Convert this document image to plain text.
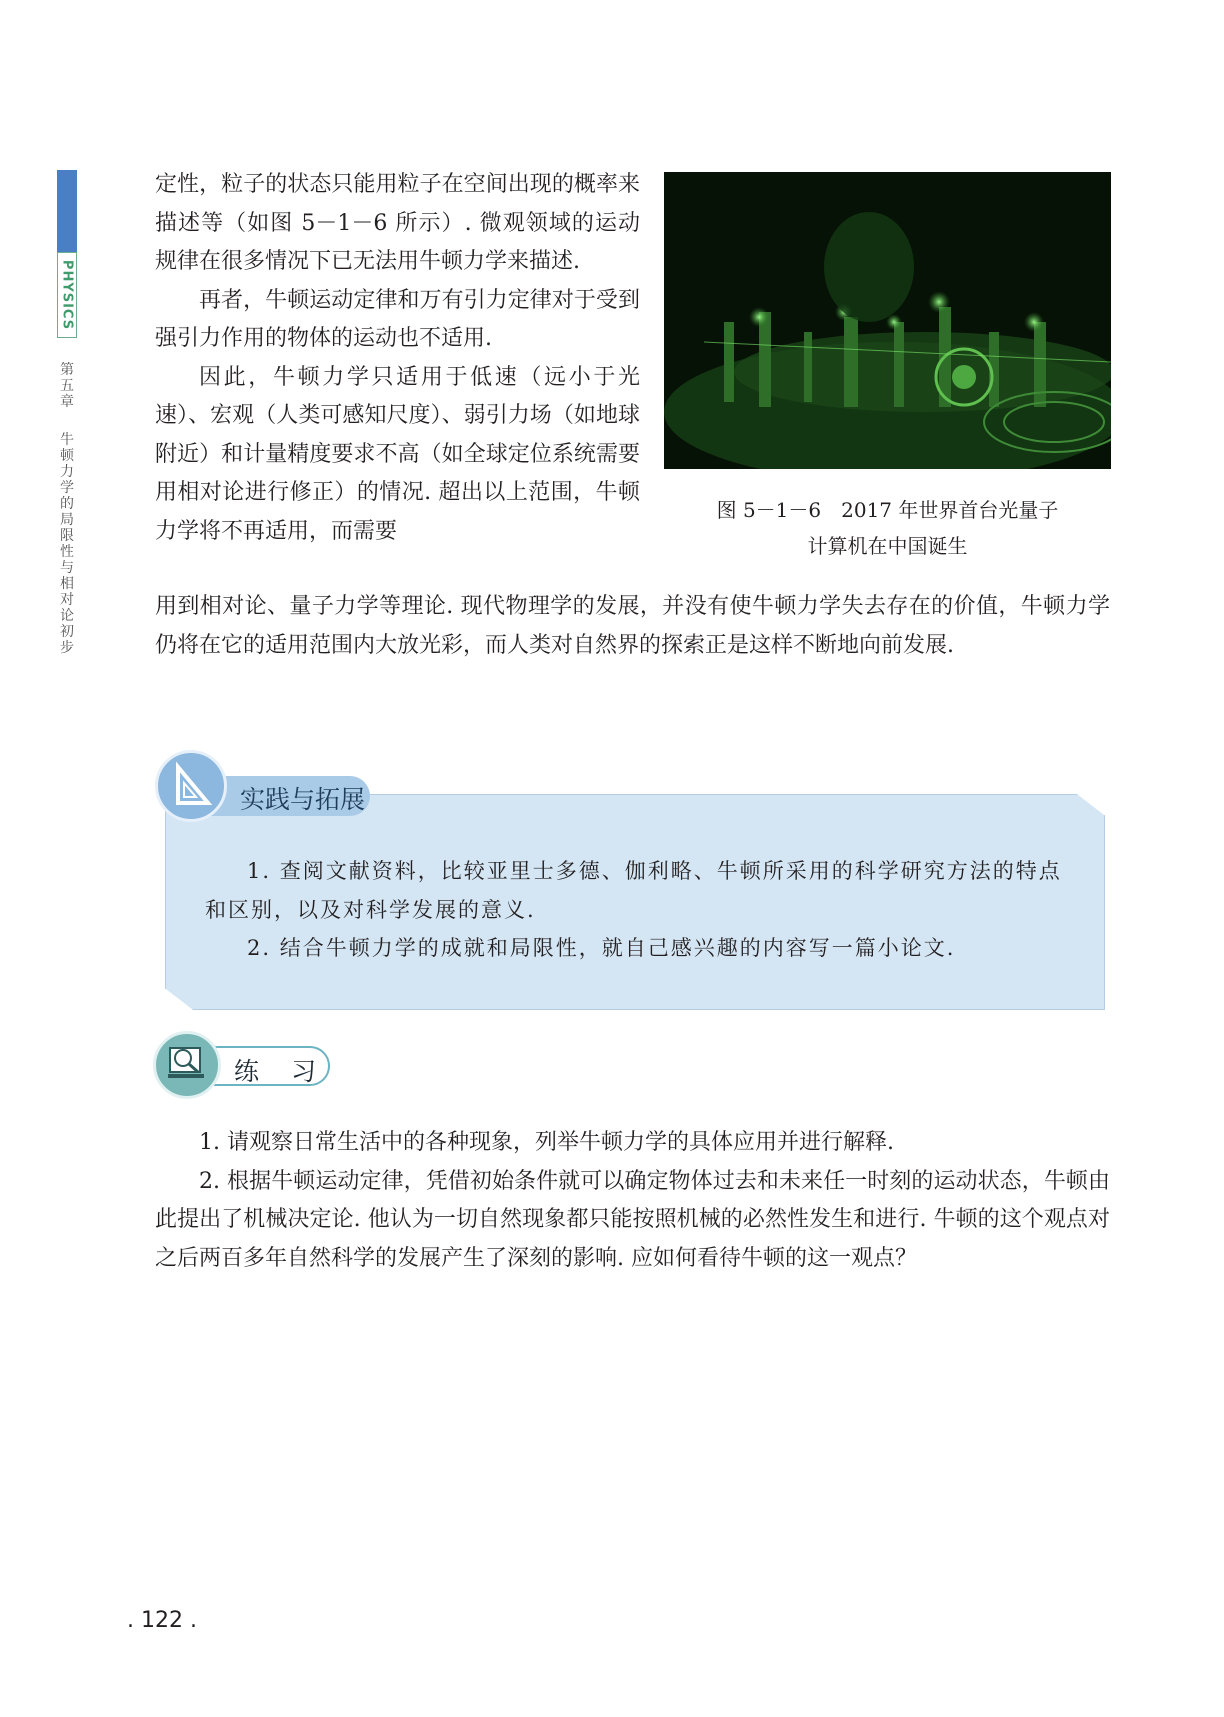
PHYSICS
第五章
牛顿力学的局限性与相对论初步
定性，粒子的状态只能用粒子在空间出现的概率来描述等（如图 5－1－6 所示）. 微观领域的运动规律在很多情况下已无法用牛顿力学来描述.
再者，牛顿运动定律和万有引力定律对于受到强引力作用的物体的运动也不适用.
因此，牛顿力学只适用于低速（远小于光速）、宏观（人类可感知尺度）、弱引力场（如地球附近）和计量精度要求不高（如全球定位系统需要用相对论进行修正）的情况. 超出以上范围，牛顿力学将不再适用，而需要
图 5－1－6　2017 年世界首台光量子
计算机在中国诞生
用到相对论、量子力学等理论. 现代物理学的发展，并没有使牛顿力学失去存在的价值，牛顿力学仍将在它的适用范围内大放光彩，而人类对自然界的探索正是这样不断地向前发展.
实践与拓展

1. 查阅文献资料，比较亚里士多德、伽利略、牛顿所采用的科学研究方法的特点和区别，以及对科学发展的意义.

2. 结合牛顿力学的成就和局限性，就自己感兴趣的内容写一篇小论文.

练 习

1. 请观察日常生活中的各种现象，列举牛顿力学的具体应用并进行解释.

2. 根据牛顿运动定律，凭借初始条件就可以确定物体过去和未来任一时刻的运动状态，牛顿由此提出了机械决定论. 他认为一切自然现象都只能按照机械的必然性发生和进行. 牛顿的这个观点对之后两百多年自然科学的发展产生了深刻的影响. 应如何看待牛顿的这一观点？

. 122 .
